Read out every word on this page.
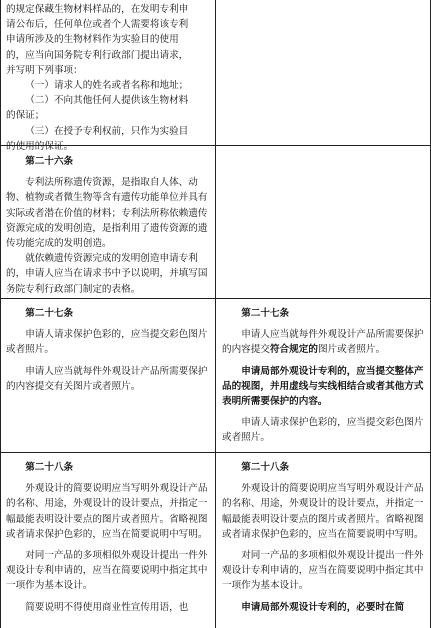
的规定保藏生物材料样品的，在发明专利申

请公布后，任何单位或者个人需要将该专利

申请所涉及的生物材料作为实验目的使用

的，应当向国务院专利行政部门提出请求，

并写明下列事项：

（一）请求人的姓名或者名称和地址；

（二）不向其他任何人提供该生物材料

的保证；

（三）在授予专利权前，只作为实验目

的使用的保证。

第二十六条

专利法所称遗传资源，是指取自人体、动物、植物或者微生物等含有遗传功能单位并具有实际或者潜在价值的材料；专利法所称依赖遗传资源完成的发明创造，是指利用了遗传资源的遗传功能完成的发明创造。

就依赖遗传资源完成的发明创造申请专利的，申请人应当在请求书中予以说明，并填写国务院专利行政部门制定的表格。

第二十七条

申请人请求保护色彩的，应当提交彩色图片或者照片。

申请人应当就每件外观设计产品所需要保护的内容提交有关图片或者照片。

第二十七条

申请人应当就每件外观设计产品所需要保护的内容提交符合规定的图片或者照片。

申请局部外观设计专利的，应当提交整体产品的视图，并用虚线与实线相结合或者其他方式表明所需要保护的内容。

申请人请求保护色彩的，应当提交彩色图片或者照片。

第二十八条

外观设计的简要说明应当写明外观设计产品的名称、用途，外观设计的设计要点，并指定一幅最能表明设计要点的图片或者照片。省略视图或者请求保护色彩的，应当在简要说明中写明。

对同一产品的多项相似外观设计提出一件外观设计专利申请的，应当在简要说明中指定其中一项作为基本设计。

简要说明不得使用商业性宣传用语，也

第二十八条

外观设计的简要说明应当写明外观设计产品的名称、用途，外观设计的设计要点，并指定一幅最能表明设计要点的图片或者照片。省略视图或者请求保护色彩的，应当在简要说明中写明。

对同一产品的多项相似外观设计提出一件外观设计专利申请的，应当在简要说明中指定其中一项作为基本设计。

申请局部外观设计专利的，必要时在简
